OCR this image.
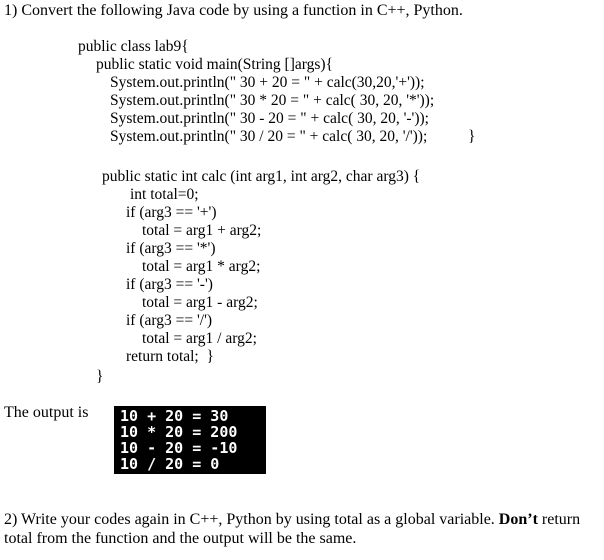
1) Convert the following Java code by using a function in C++, Python.
public class lab9{
public static void main(String []args){
System.out.println(" 30 + 20 = " + calc(30,20,'+'));
System.out.println(" 30 * 20 = " + calc( 30, 20, '*'));
System.out.println(" 30 - 20 = " + calc( 30, 20, '-'));
System.out.println(" 30 / 20 = " + calc( 30, 20, '/'));	}
public static int calc (int arg1, int arg2, char arg3) {
int total=0;
if (arg3 == '+')
total = arg1 + arg2;
if (arg3 == '*')
total = arg1 * arg2;
if (arg3 == '-')
total = arg1 - arg2;
if (arg3 == '/')
total = arg1 / arg2;
return total;  }
}
The output is 10 + 20 = 30
10 * 20 = 200
10 - 20 = -10
10 / 20 = 0
2) Write your codes again in C++, Python by using total as a global variable. Don’t return total from the function and the output will be the same.
